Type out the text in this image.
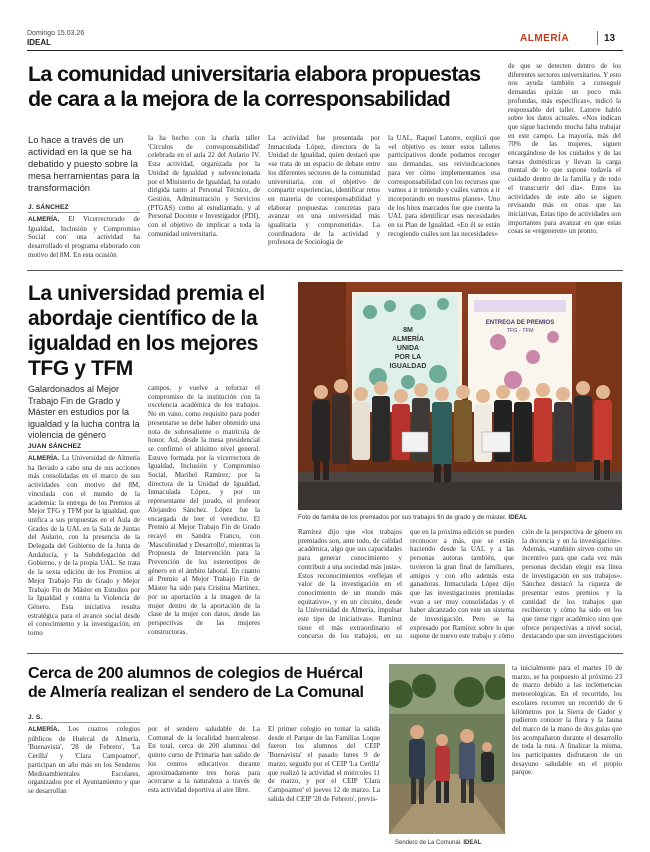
Domingo 15.03.26
IDEAL	ALMERÍA	13
La comunidad universitaria elabora propuestas de cara a la mejora de la corresponsabilidad
Lo hace a través de un actividad en la que se ha debatido y puesto sobre la mesa herramientas para la transformación
J. SÁNCHEZ
ALMERÍA. El Vicerrectorado de Igualdad, Inclusión y Compromiso Social con una actividad ha desarrollado el programa elaborado con motivo del 8M. En esta ocasión
la ha hecho con la charla taller 'Círculos de corresponsabilidad' celebrada en el aula 22 del Aulario IV. Esta actividad, organizada por la Unidad de Igualdad y subvencionada por el Ministerio de Igualdad, ha estado dirigida tanto al Personal Técnico, de Gestión, Administración y Servicios (PTGAS) como al estudiantado, y al Personal Docente e Investigador (PDI), con el objetivo de implicar a toda la comunidad universitaria.
La actividad fue presentada por Inmaculada López, directora de la Unidad de Igualdad, quien destacó que «se trata de un espacio de debate entre los diferentes sectores de la comunidad universitaria, con el objetivo de compartir experiencias, identificar retos en materia de corresponsabilidad y elaborar propuestas concretas para avanzar en una universidad más igualitaria y comprometida». La coordinadora de la actividad y profesora de Sociología de
la UAL, Raquel Latorre, explicó que «el objetivo es tener estos talleres participativos donde podamos recoger sus demandas, sus reivindicaciones para ver cómo implementamos esa corresponsabilidad con los recursos que vamos a ir teniendo y cuáles vamos a ir incorporando en nuestros planes». Uno de los hitos marcados fue que cuenta la UAL para identificar esas necesidades en su Plan de Igualdad. «En él se están recogiendo cuáles son las necesidades»
de que se detecten dentro de los diferentes sectores universitarios. Y esto nos ayuda también a conseguir demandas quizás un poco más profundas, más específicas», indicó la responsable del taller. Latorre habló sobre los datos actuales. «Nos indican que sigue haciendo mucha falta trabajar en este campo. La mayoría, más del 70% de las mujeres, siguen encargándose de los cuidados y de las tareas domésticas y llevan la carga mental de lo que supone todavía el cuidado dentro de la familia y de todo el transcurrir del día». Entre las actividades de este año se siguen revisando más en otras que las iniciativas, Estas tipo de actividades son importantes para avanzar en que estas cosas se «regeneren» un pronto.
La universidad premia el abordaje científico de la igualdad en los mejores TFG y TFM
Galardonados al Mejor Trabajo Fin de Grado y Máster en estudios por la igualdad y la lucha contra la violencia de género
JUAN SÁNCHEZ
ALMERÍA. La Universidad de Almería ha llevado a cabo una de sus acciones más consolidadas en el marco de sus actividades con motivo del 8M, vinculada con el mundo de la academia: la entrega de los Premios al Mejor TFG y TFM por la igualdad, que unifica a sus propuestas en el Aula de Grados de la UAL en la Sala de Juntas del Aulario, con la presencia de la Delegada del Gobierno de la Junta de Andalucía, y la Subdelegación del Gobierno, y de la propia UAL. Se trata de la sexta edición de los Premios al Mejor Trabajo Fin de Grado y Mejor Trabajo Fin de Máster en Estudios por la Igualdad y contra la Violencia de Género. Esta iniciativa resulta estratégica para el avance social desde el conocimiento y la investigación, en torno
campos, y vuelve a reforzar el compromiso de la institución con la excelencia académica de los trabajos. No en vano, como requisito para poder presentarse se debe haber obtenido una nota de sobresaliente o matrícula de honor. Así, desde la mesa presidencial se confirmó el altísimo nivel general. Estuvo formada por la vicerrectora de Igualdad, Inclusión y Compromiso Social, Maribel Ramírez; por la directora de la Unidad de Igualdad, Inmaculada López, y por un representante del jurado, el profesor Alejandro Sánchez. López fue la encargada de leer el veredicto. El Premio al Mejor Trabajo Fin de Grado recayó en Sandra Franco, con 'Masculinidad y Desarrollo', mientras la Propuesta de Intervención para la Prevención de los estereotipos de género en el ámbito laboral. En cuanto al Premio al Mejor Trabajo Fin de Máster ha sido para Cristina Martínez, por su aportación a la imagen de la mujer dentro de la aportación de la clase de la mujer con datos, desde las perspectivas de las mujeres constructoras.
8M
ALMERÍA
UNIDA
POR LA
IGUALDAD
ENTREGA DE PREMIOS
TFG - TFM
Foto de familia de los premiados por sus trabajos fin de grado y de máster. IDEAL
Ramírez dijo que «los trabajos premiados son, ante todo, de calidad académica, algo que sus capacidades para generar conocimiento y contribuir a una sociedad más justa». Estos reconocimientos «reflejan el valor de la investigación en el conocimiento de un mundo más equitativo», y en un circuito, desde la Universidad de Almería, impulsar este tipo de iniciativas». Ramírez tiene el más extraordinario el concurso de los trabajos, en su
que en la próxima edición se pueden reconocer a más, que se están haciendo desde la UAL y a las personas autoras también, que tuvieron la gran final de familiares, amigos y con ello además esta ganadoras. Inmaculada López dijo que las investigaciones premiadas «van a ser muy consolidadas y el haber alcanzado con este un sistema de investigación. Pero se ha expresado por Ramírez sobre lo que supone de nuevo este trabajo y cómo
ción de la perspectiva de género en la docencia y en la investigación». Además, «también sirven como un incentivo para que cada vez más personas decidan elegir esa línea de investigación en sus trabajos». Sánchez destacó la riqueza de presentar estos premios y la cantidad de los trabajos que recibieron y cómo ha sido en los que tiene rigor académico sino que ofrece perspectivas a nivel social, destacando que son investigaciones
Cerca de 200 alumnos de colegios de Huércal de Almería realizan el sendero de La Comunal
J. S.
ALMERÍA. Los cuatros colegios públicos de Huércal de Almería, 'Buenavista', '28 de Febrero', 'La Cerilla' y 'Clara Campoamor', participan un año más en los Senderos Medioambientales Escolares, organizados por el Ayuntamiento y que se desarrollan
por el sendero saludable de La Comunal de la localidad huercalense. En total, cerca de 200 alumnos del quinto curso de Primaria han salido de los centros educativos durante aproximadamente tres horas para acercarse a la naturaleza a través de esta actividad deportiva al aire libre.
El primer colegio en tomar la salida desde el Parque de las Familias Loque fueron los alumnos del CEIP 'Buenavista' el pasado lunes 9 de marzo, seguido por el CEIP 'La Cerilla' que realizó la actividad el miércoles 11 de marzo, y por el CEIP 'Clara Campoamor' el jueves 12 de marzo. La salida del CEIP '28 de Febrero', previs-
Sendero de La Comunal. IDEAL
ta inicialmente para el martes 10 de marzo, se ha pospuesto al próximo 23 de marzo debido a las inclemencias meteorológicas. En el recorrido, los escolares recorren un recorrido de 6 kilómetros por la Sierra de Gador y pudieron conocer la flora y la fauna del marco de la mano de dos guías que los acompañaron durante el desarrollo de toda la ruta. A finalizar la misma, los participantes disfrutaron de un desayuno saludable en el propio parque.
